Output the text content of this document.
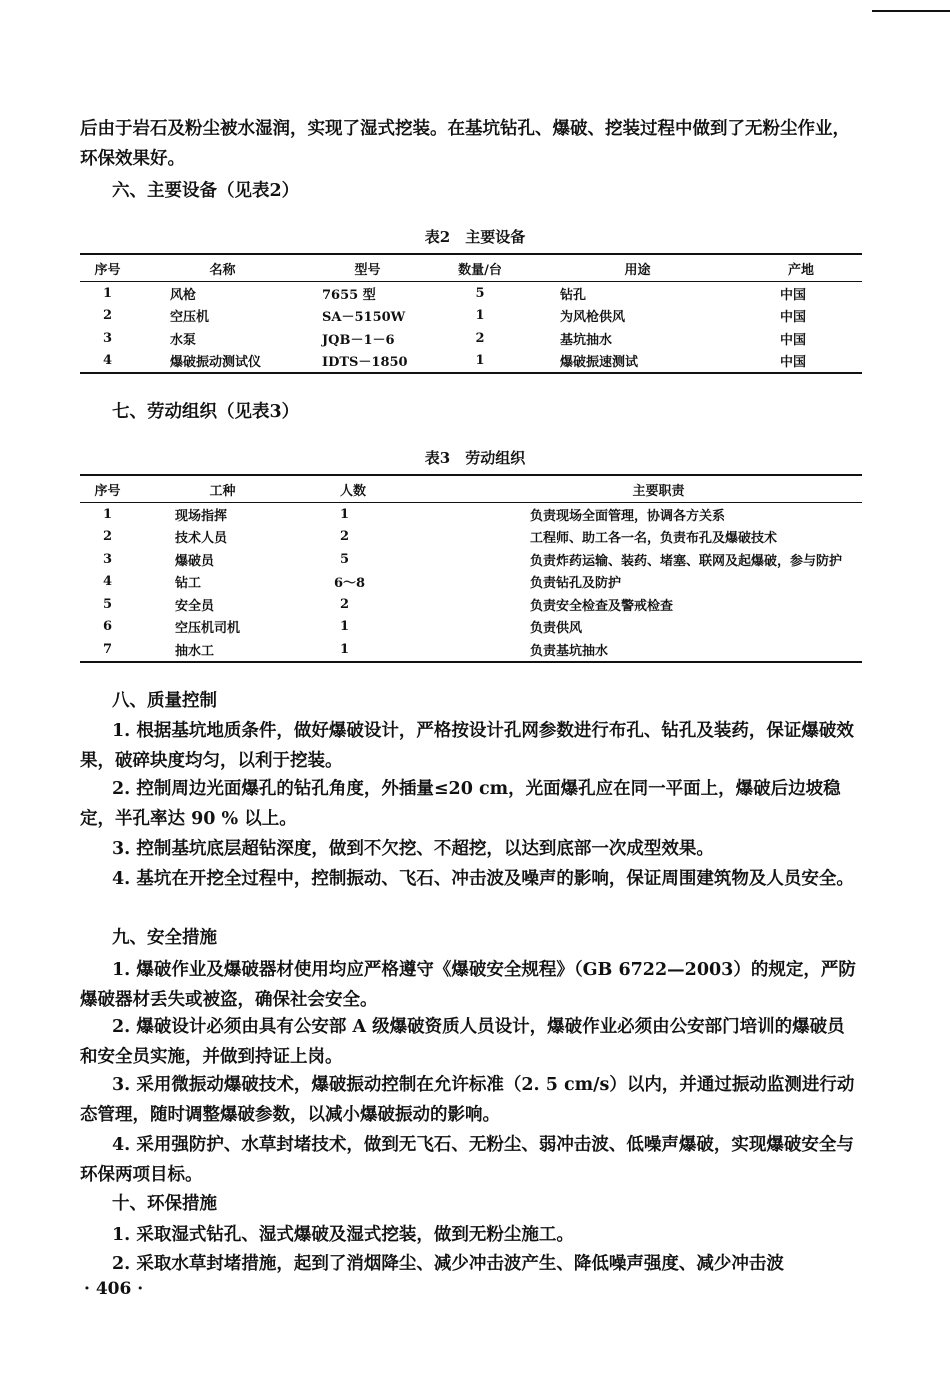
后由于岩石及粉尘被水湿润，实现了湿式挖装。在基坑钻孔、爆破、挖装过程中做到了无粉尘作业，环保效果好。

六、主要设备（见表2）

表2　主要设备
序号	名称	型号	数量/台	用途	产地
1	风枪	7655 型	5	钻孔	中国
2	空压机	SA－5150W	1	为风枪供风	中国
3	水泵	JQB－1－6	2	基坑抽水	中国
4	爆破振动测试仪	IDTS－1850	1	爆破振速测试	中国

七、劳动组织（见表3）

表3　劳动组织
序号	工种	人数	主要职责
1	现场指挥	1	负责现场全面管理，协调各方关系
2	技术人员	2	工程师、助工各一名，负责布孔及爆破技术
3	爆破员	5	负责炸药运输、装药、堵塞、联网及起爆破，参与防护
4	钻工	6～8	负责钻孔及防护
5	安全员	2	负责安全检查及警戒检查
6	空压机司机	1	负责供风
7	抽水工	1	负责基坑抽水

八、质量控制

1. 根据基坑地质条件，做好爆破设计，严格按设计孔网参数进行布孔、钻孔及装药，保证爆破效果，破碎块度均匀，以利于挖装。

2. 控制周边光面爆孔的钻孔角度，外插量≤20 cm，光面爆孔应在同一平面上，爆破后边坡稳定，半孔率达 90 % 以上。

3. 控制基坑底层超钻深度，做到不欠挖、不超挖，以达到底部一次成型效果。

4. 基坑在开挖全过程中，控制振动、飞石、冲击波及噪声的影响，保证周围建筑物及人员安全。

九、安全措施

1. 爆破作业及爆破器材使用均应严格遵守《爆破安全规程》（GB 6722—2003）的规定，严防爆破器材丢失或被盗，确保社会安全。

2. 爆破设计必须由具有公安部 A 级爆破资质人员设计，爆破作业必须由公安部门培训的爆破员和安全员实施，并做到持证上岗。

3. 采用微振动爆破技术，爆破振动控制在允许标准（2. 5 cm/s）以内，并通过振动监测进行动态管理，随时调整爆破参数，以减小爆破振动的影响。

4. 采用强防护、水草封堵技术，做到无飞石、无粉尘、弱冲击波、低噪声爆破，实现爆破安全与环保两项目标。

十、环保措施

1. 采取湿式钻孔、湿式爆破及湿式挖装，做到无粉尘施工。

2. 采取水草封堵措施，起到了消烟降尘、减少冲击波产生、降低噪声强度、减少冲击波

· 406 ·
